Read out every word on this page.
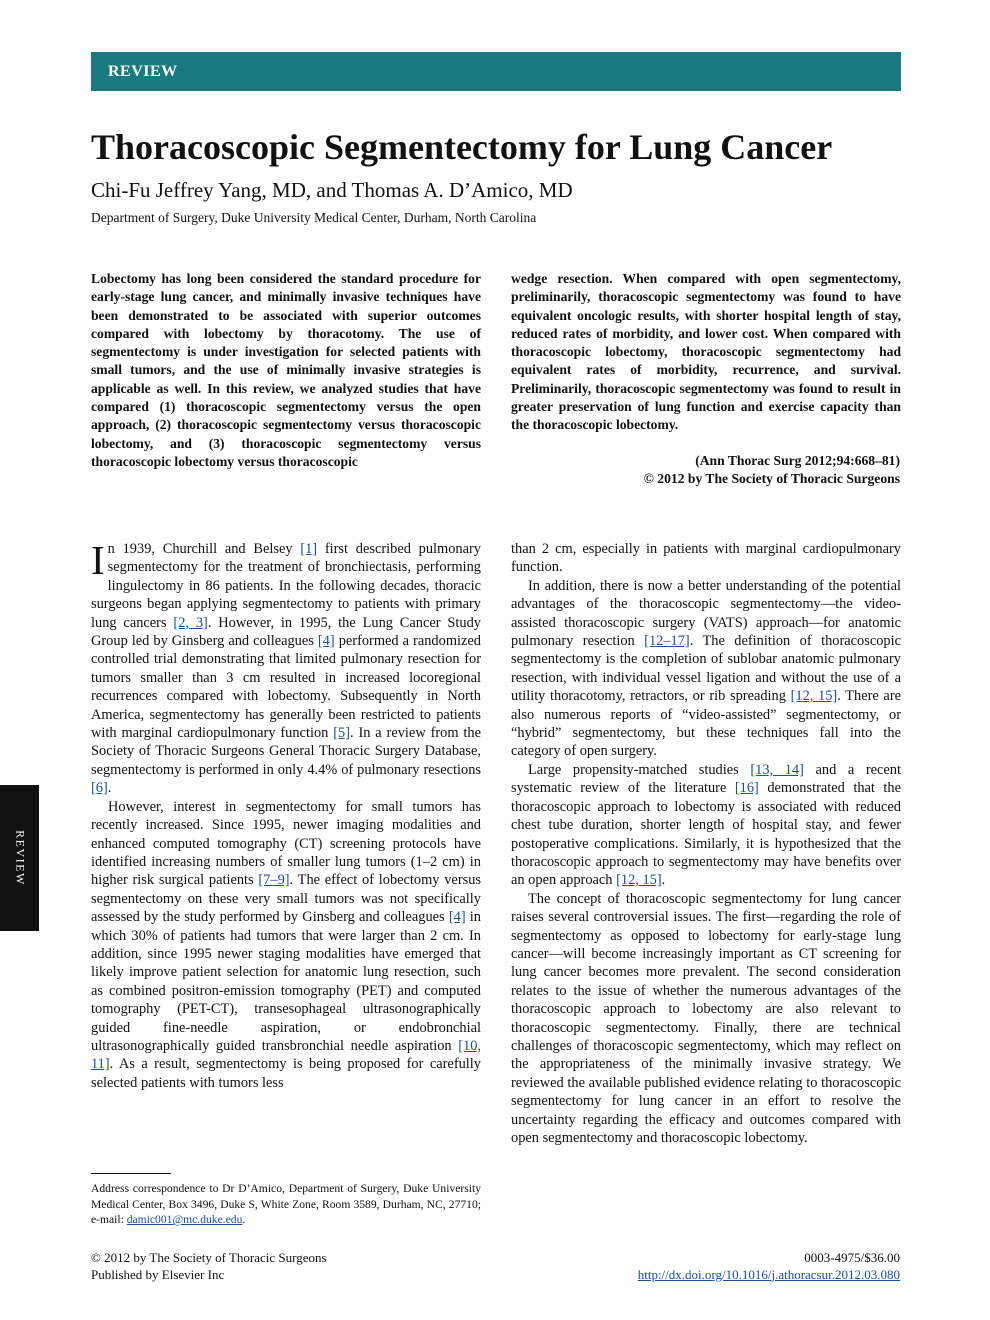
REVIEW
Thoracoscopic Segmentectomy for Lung Cancer
Chi-Fu Jeffrey Yang, MD, and Thomas A. D’Amico, MD
Department of Surgery, Duke University Medical Center, Durham, North Carolina

Lobectomy has long been considered the standard procedure for early-stage lung cancer, and minimally invasive techniques have been demonstrated to be associated with superior outcomes compared with lobectomy by thoracotomy. The use of segmentectomy is under investigation for selected patients with small tumors, and the use of minimally invasive strategies is applicable as well. In this review, we analyzed studies that have compared (1) thoracoscopic segmentectomy versus the open approach, (2) thoracoscopic segmentectomy versus thoracoscopic lobectomy, and (3) thoracoscopic segmentectomy versus thoracoscopic lobectomy versus thoracoscopic

wedge resection. When compared with open segmentectomy, preliminarily, thoracoscopic segmentectomy was found to have equivalent oncologic results, with shorter hospital length of stay, reduced rates of morbidity, and lower cost. When compared with thoracoscopic lobectomy, thoracoscopic segmentectomy had equivalent rates of morbidity, recurrence, and survival. Preliminarily, thoracoscopic segmentectomy was found to result in greater preservation of lung function and exercise capacity than the thoracoscopic lobectomy.

(Ann Thorac Surg 2012;94:668–81)
© 2012 by The Society of Thoracic Surgeons

In 1939, Churchill and Belsey [1] first described pulmonary segmentectomy for the treatment of bronchiectasis, performing lingulectomy in 86 patients. In the following decades, thoracic surgeons began applying segmentectomy to patients with primary lung cancers [2, 3]. However, in 1995, the Lung Cancer Study Group led by Ginsberg and colleagues [4] performed a randomized controlled trial demonstrating that limited pulmonary resection for tumors smaller than 3 cm resulted in increased locoregional recurrences compared with lobectomy. Subsequently in North America, segmentectomy has generally been restricted to patients with marginal cardiopulmonary function [5]. In a review from the Society of Thoracic Surgeons General Thoracic Surgery Database, segmentectomy is performed in only 4.4% of pulmonary resections [6].

However, interest in segmentectomy for small tumors has recently increased. Since 1995, newer imaging modalities and enhanced computed tomography (CT) screening protocols have identified increasing numbers of smaller lung tumors (1–2 cm) in higher risk surgical patients [7–9]. The effect of lobectomy versus segmentectomy on these very small tumors was not specifically assessed by the study performed by Ginsberg and colleagues [4] in which 30% of patients had tumors that were larger than 2 cm. In addition, since 1995 newer staging modalities have emerged that likely improve patient selection for anatomic lung resection, such as combined positron-emission tomography (PET) and computed tomography (PET-CT), transesophageal ultrasonographically guided fine-needle aspiration, or endobronchial ultrasonographically guided transbronchial needle aspiration [10, 11]. As a result, segmentectomy is being proposed for carefully selected patients with tumors less

than 2 cm, especially in patients with marginal cardiopulmonary function.

In addition, there is now a better understanding of the potential advantages of the thoracoscopic segmentectomy—the video-assisted thoracoscopic surgery (VATS) approach—for anatomic pulmonary resection [12–17]. The definition of thoracoscopic segmentectomy is the completion of sublobar anatomic pulmonary resection, with individual vessel ligation and without the use of a utility thoracotomy, retractors, or rib spreading [12, 15]. There are also numerous reports of “video-assisted” segmentectomy, or “hybrid” segmentectomy, but these techniques fall into the category of open surgery.

Large propensity-matched studies [13, 14] and a recent systematic review of the literature [16] demonstrated that the thoracoscopic approach to lobectomy is associated with reduced chest tube duration, shorter length of hospital stay, and fewer postoperative complications. Similarly, it is hypothesized that the thoracoscopic approach to segmentectomy may have benefits over an open approach [12, 15].

The concept of thoracoscopic segmentectomy for lung cancer raises several controversial issues. The first—regarding the role of segmentectomy as opposed to lobectomy for early-stage lung cancer—will become increasingly important as CT screening for lung cancer becomes more prevalent. The second consideration relates to the issue of whether the numerous advantages of the thoracoscopic approach to lobectomy are also relevant to thoracoscopic segmentectomy. Finally, there are technical challenges of thoracoscopic segmentectomy, which may reflect on the appropriateness of the minimally invasive strategy. We reviewed the available published evidence relating to thoracoscopic segmentectomy for lung cancer in an effort to resolve the uncertainty regarding the efficacy and outcomes compared with open segmentectomy and thoracoscopic lobectomy.

REVIEW

Address correspondence to Dr D’Amico, Department of Surgery, Duke University Medical Center, Box 3496, Duke S, White Zone, Room 3589, Durham, NC, 27710; e-mail: damic001@mc.duke.edu.

© 2012 by The Society of Thoracic Surgeons
Published by Elsevier Inc
0003-4975/$36.00
http://dx.doi.org/10.1016/j.athoracsur.2012.03.080
